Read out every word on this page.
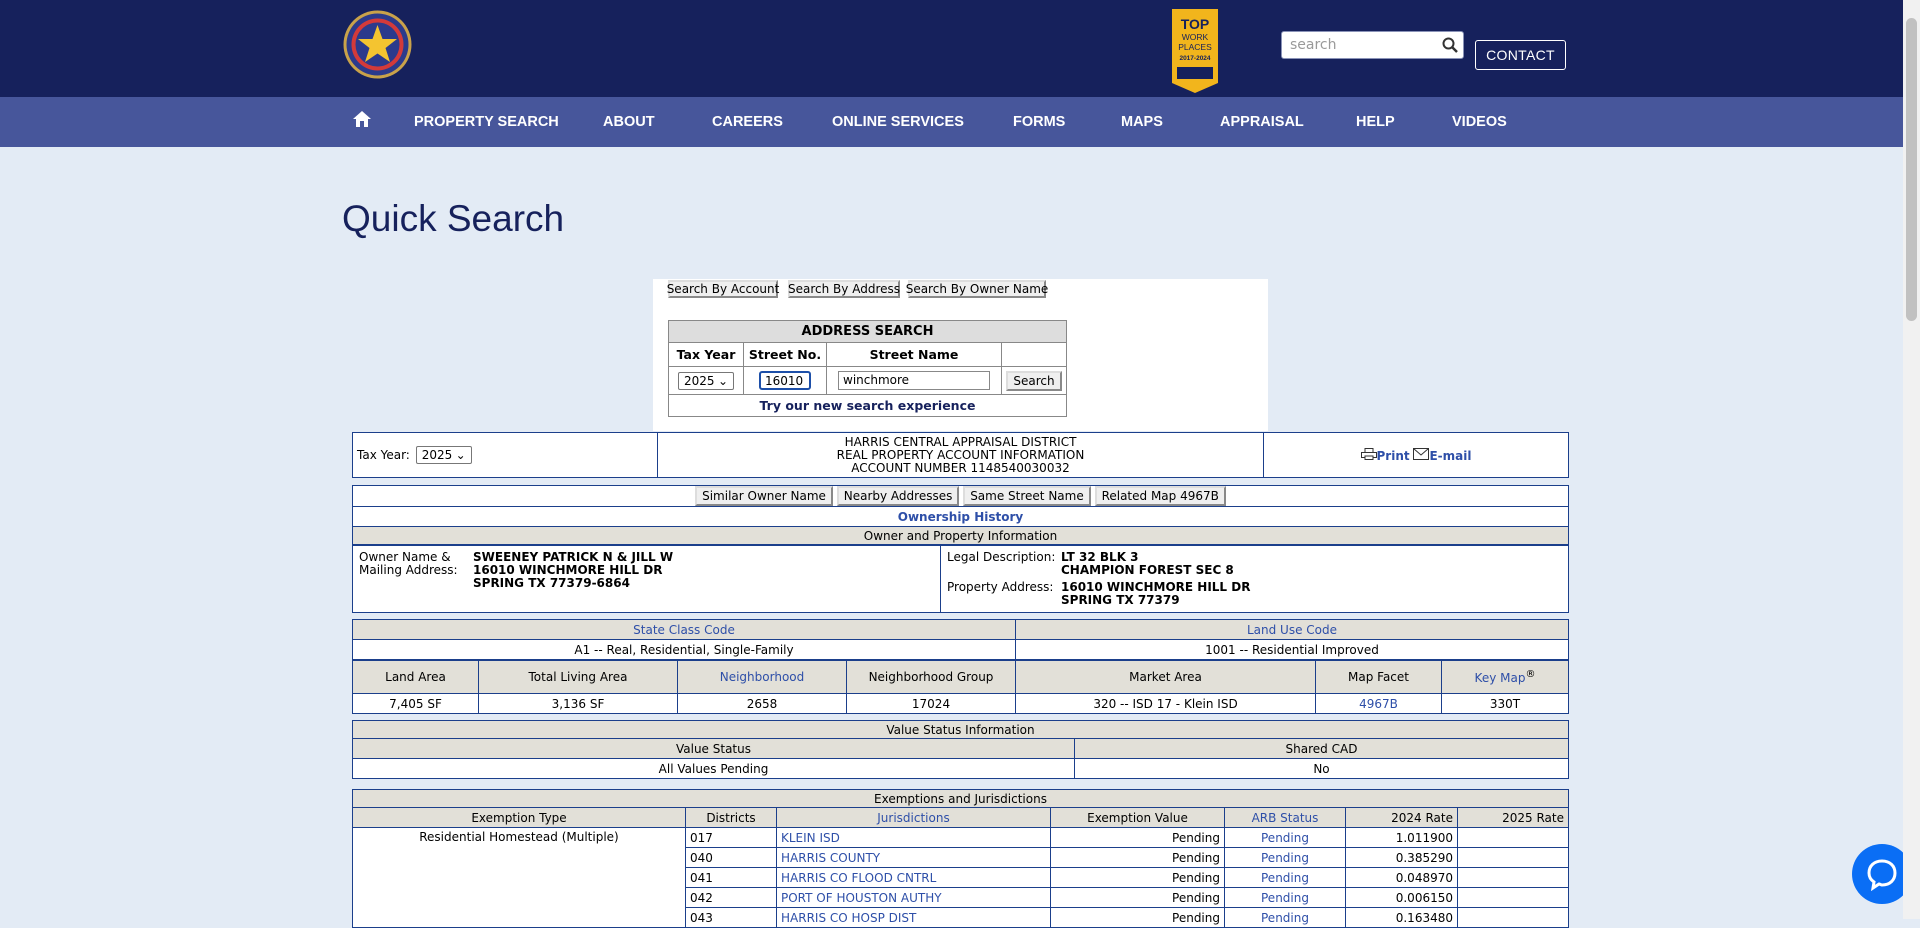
TOP
WORK
PLACES
2017-2024
search	CONTACT
PROPERTY SEARCH	ABOUT	CAREERS	ONLINE SERVICES	FORMS	MAPS	APPRAISAL	HELP	VIDEOS
Quick Search
Search By Account Search By Address Search By Owner Name
ADDRESS SEARCH			
Tax Year	Street No.	Street Name	

2025 ⌄	16010	winchmore	Search
Try our new search experience			
Tax Year: 2025 ⌄

HARRIS CENTRAL APPRAISAL DISTRICT
REAL PROPERTY ACCOUNT INFORMATION
ACCOUNT NUMBER 1148540030032
	Print E-mail
Similar Owner Name Nearby Addresses Same Street Name Related Map 4967B
Ownership History
Owner and Property Information
Owner Name &
Mailing Address:
SWEENEY PATRICK N & JILL W
16010 WINCHMORE HILL DR
SPRING TX 77379-6864

Legal Description: LT 32 BLK 3
CHAMPION FOREST SEC 8
Property Address: 16010 WINCHMORE HILL DR
SPRING TX 77379
State Class Code	Land Use Code
A1 -- Real, Residential, Single-Family	1001 -- Residential Improved
Land Area	Total Living Area	Neighborhood	Neighborhood Group	Market Area	Map Facet	Key Map®
7,405 SF	3,136 SF	2658	17024	320 -- ISD 17 - Klein ISD	4967B	330T
Value Status Information	
Value Status	Shared CAD
All Values Pending	No
Exemptions and Jurisdictions						
Exemption Type	Districts	Jurisdictions	Exemption Value	ARB Status	2024 Rate	2025 Rate
Residential Homestead (Multiple)	017	KLEIN ISD	Pending	Pending	1.011900	
	040	HARRIS COUNTY	Pending	Pending	0.385290	
	041	HARRIS CO FLOOD CNTRL	Pending	Pending	0.048970	
	042	PORT OF HOUSTON AUTHY	Pending	Pending	0.006150	
	043	HARRIS CO HOSP DIST	Pending	Pending	0.163480	
